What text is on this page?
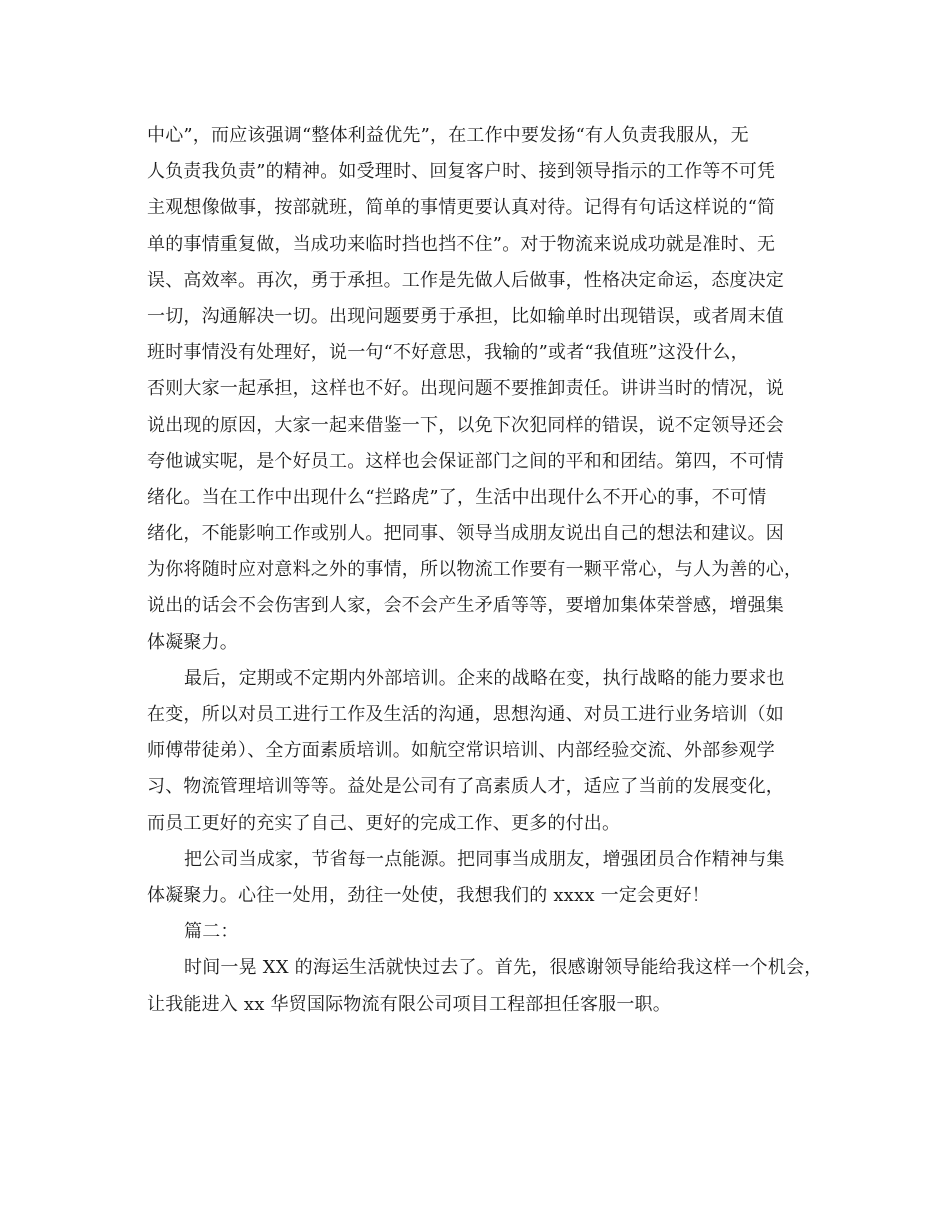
中心”，而应该强调“整体利益优先”，在工作中要发扬“有人负责我服从，无
人负责我负责”的精神。如受理时、回复客户时、接到领导指示的工作等不可凭
主观想像做事，按部就班，简单的事情更要认真对待。记得有句话这样说的“简
单的事情重复做，当成功来临时挡也挡不住”。对于物流来说成功就是准时、无
误、高效率。再次，勇于承担。工作是先做人后做事，性格决定命运，态度决定
一切，沟通解决一切。出现问题要勇于承担，比如输单时出现错误，或者周末值
班时事情没有处理好，说一句“不好意思，我输的”或者“我值班”这没什么，
否则大家一起承担，这样也不好。出现问题不要推卸责任。讲讲当时的情况，说
说出现的原因，大家一起来借鉴一下，以免下次犯同样的错误，说不定领导还会
夸他诚实呢，是个好员工。这样也会保证部门之间的平和和团结。第四，不可情
绪化。当在工作中出现什么“拦路虎”了，生活中出现什么不开心的事，不可情
绪化，不能影响工作或别人。把同事、领导当成朋友说出自己的想法和建议。因
为你将随时应对意料之外的事情，所以物流工作要有一颗平常心，与人为善的心，
说出的话会不会伤害到人家，会不会产生矛盾等等，要增加集体荣誉感，增强集
体凝聚力。
最后，定期或不定期内外部培训。企来的战略在变，执行战略的能力要求也
在变，所以对员工进行工作及生活的沟通，思想沟通、对员工进行业务培训（如
师傅带徒弟）、全方面素质培训。如航空常识培训、内部经验交流、外部参观学
习、物流管理培训等等。益处是公司有了高素质人才，适应了当前的发展变化，
而员工更好的充实了自己、更好的完成工作、更多的付出。
把公司当成家，节省每一点能源。把同事当成朋友，增强团员合作精神与集
体凝聚力。心往一处用，劲往一处使，我想我们的 xxxx 一定会更好！
篇二：
时间一晃 XX 的海运生活就快过去了。首先，很感谢领导能给我这样一个机会，
让我能进入 xx 华贸国际物流有限公司项目工程部担任客服一职。
